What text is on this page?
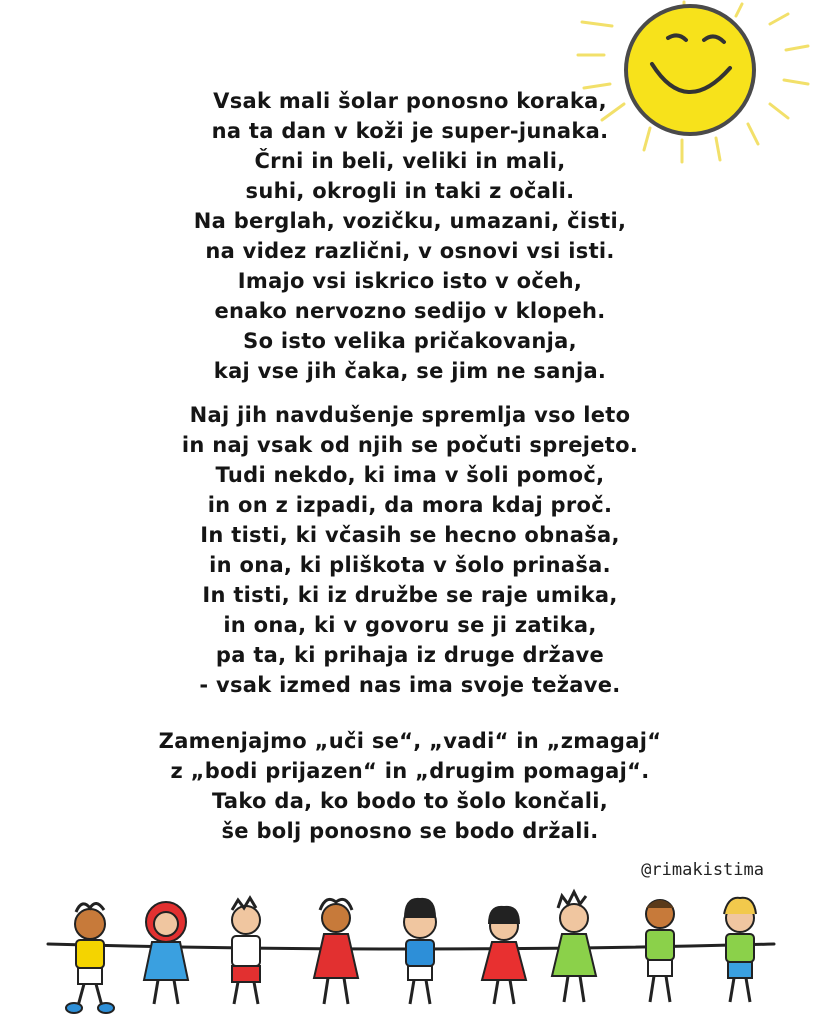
Vsak mali šolar ponosno koraka,
na ta dan v koži je super-junaka.
Črni in beli, veliki in mali,
suhi, okrogli in taki z očali.
Na berglah, vozičku, umazani, čisti,
na videz različni, v osnovi vsi isti.
Imajo vsi iskrico isto v očeh,
enako nervozno sedijo v klopeh.
So isto velika pričakovanja,
kaj vse jih čaka, se jim ne sanja.
Naj jih navdušenje spremlja vso leto
in naj vsak od njih se počuti sprejeto.
Tudi nekdo, ki ima v šoli pomoč,
in on z izpadi, da mora kdaj proč.
In tisti, ki včasih se hecno obnaša,
in ona, ki pliškota v šolo prinaša.
In tisti, ki iz družbe se raje umika,
in ona, ki v govoru se ji zatika,
pa ta, ki prihaja iz druge države
- vsak izmed nas ima svoje težave.
Zamenjajmo „uči se“, „vadi“ in „zmagaj“
z „bodi prijazen“ in „drugim pomagaj“.
Tako da, ko bodo to šolo končali,
še bolj ponosno se bodo držali.
@rimakistima
